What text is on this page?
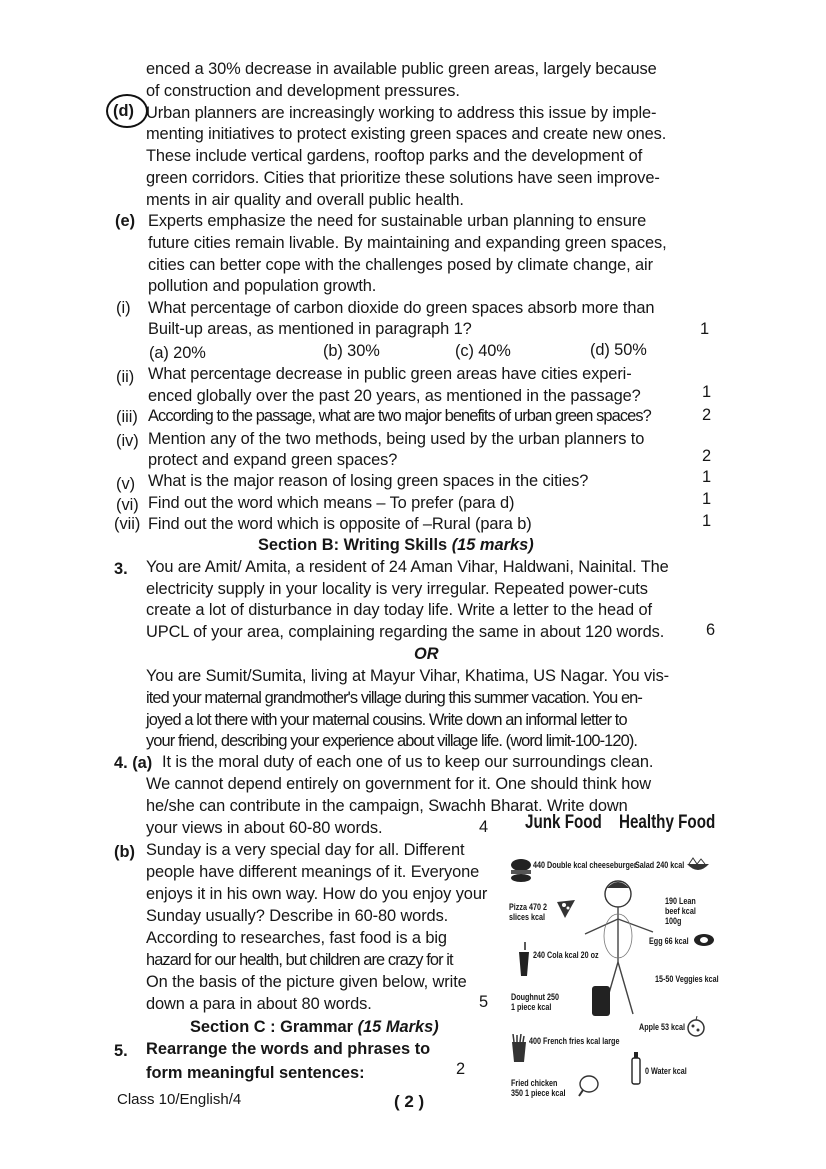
enced a 30% decrease in available public green areas, largely because
of construction and development pressures.
(d) Urban planners are increasingly working to address this issue by imple-
menting initiatives to protect existing green spaces and create new ones.
These include vertical gardens, rooftop parks and the development of
green corridors. Cities that prioritize these solutions have seen improve-
ments in air quality and overall public health.
(e) Experts emphasize the need for sustainable urban planning to ensure
future cities remain livable. By maintaining and expanding green spaces,
cities can better cope with the challenges posed by climate change, air
pollution and population growth.
(i) What percentage of carbon dioxide do green spaces absorb more than
Built-up areas, as mentioned in paragraph 1?	1
(a) 20%	(b) 30%	(c) 40%	(d) 50%
(ii) What percentage decrease in public green areas have cities experi-
enced globally over the past 20 years, as mentioned in the passage?	1
(iii) According to the passage, what are two major benefits of urban green spaces?	2
(iv) Mention any of the two methods, being used by the urban planners to
protect and expand green spaces?	2
(v) What is the major reason of losing green spaces in the cities?	1
(vi) Find out the word which means – To prefer (para d)	1
(vii) Find out the word which is opposite of –Rural (para b)	1
Section B: Writing Skills (15 marks)
3. You are Amit/ Amita, a resident of 24 Aman Vihar, Haldwani, Nainital. The
electricity supply in your locality is very irregular. Repeated power-cuts
create a lot of disturbance in day today life. Write a letter to the head of
UPCL of your area, complaining regarding the same in about 120 words.	6
OR
You are Sumit/Sumita, living at Mayur Vihar, Khatima, US Nagar. You vis-
ited your maternal grandmother's village during this summer vacation. You en-
joyed a lot there with your maternal cousins. Write down an informal letter to
your friend, describing your experience about village life. (word limit-100-120).
4. (a) It is the moral duty of each one of us to keep our surroundings clean.
We cannot depend entirely on government for it. One should think how
he/she can contribute in the campaign, Swachh Bharat. Write down
your views in about 60-80 words.	4
(b) Sunday is a very special day for all. Different
people have different meanings of it. Everyone
enjoys it in his own way. How do you enjoy your
Sunday usually? Describe in 60-80 words.
According to researches, fast food is a big
hazard for our health, but children are crazy for it
On the basis of the picture given below, write
down a para in about 80 words.	5
Section C : Grammar (15 Marks)
5. Rearrange the words and phrases to
form meaningful sentences:	2
Class 10/English/4	( 2 )
Junk Food Healthy Food
440 Double kcal cheeseburger
Pizza 470 2 slices kcal
240 Cola kcal 20 oz
Doughnut 250 1 piece kcal
400 French fries kcal large
Fried chicken 350 1 piece kcal
Salad 240 kcal
190 Lean beef kcal 100g
Egg 66 kcal
15-50 Veggies kcal
Apple 53 kcal
0 Water kcal
